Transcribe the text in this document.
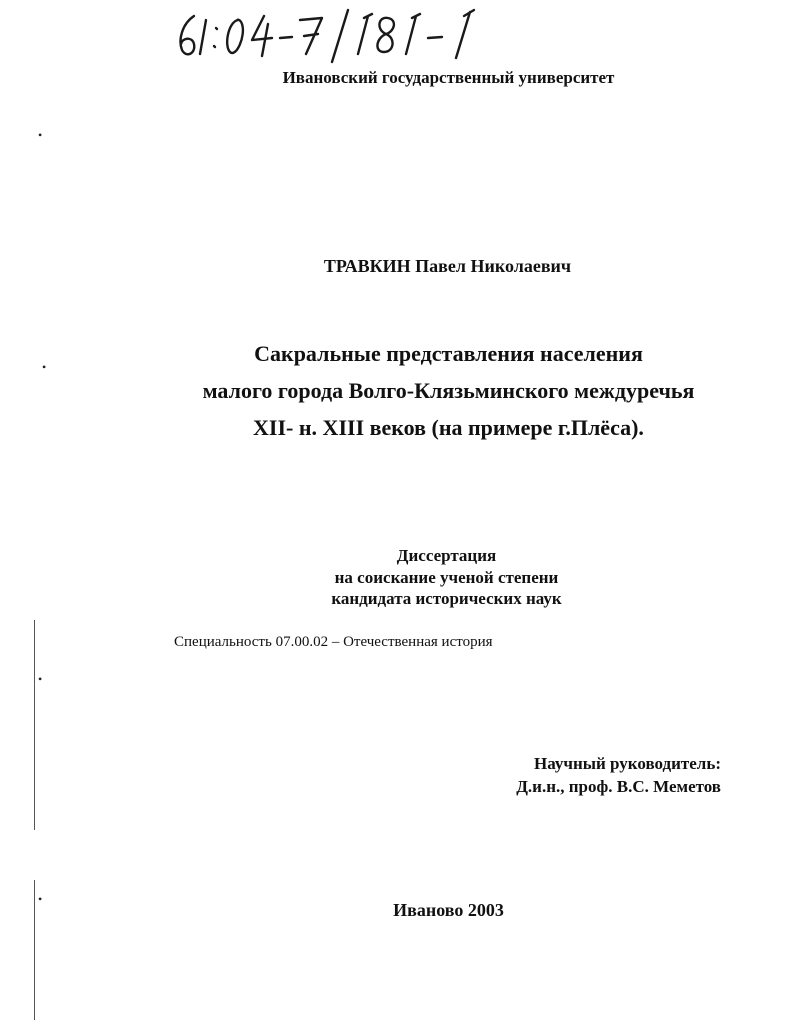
Ивановский государственный университет
ТРАВКИН Павел Николаевич
Сакральные представления населения
малого города Волго-Клязьминского междуречья
XII- н. XIII веков (на примере г.Плёса).
Диссертация
на соискание ученой степени
кандидата исторических наук
Специальность 07.00.02 – Отечественная история
Научный руководитель:
Д.и.н., проф. В.С. Меметов
Иваново 2003
•
•
•
•
